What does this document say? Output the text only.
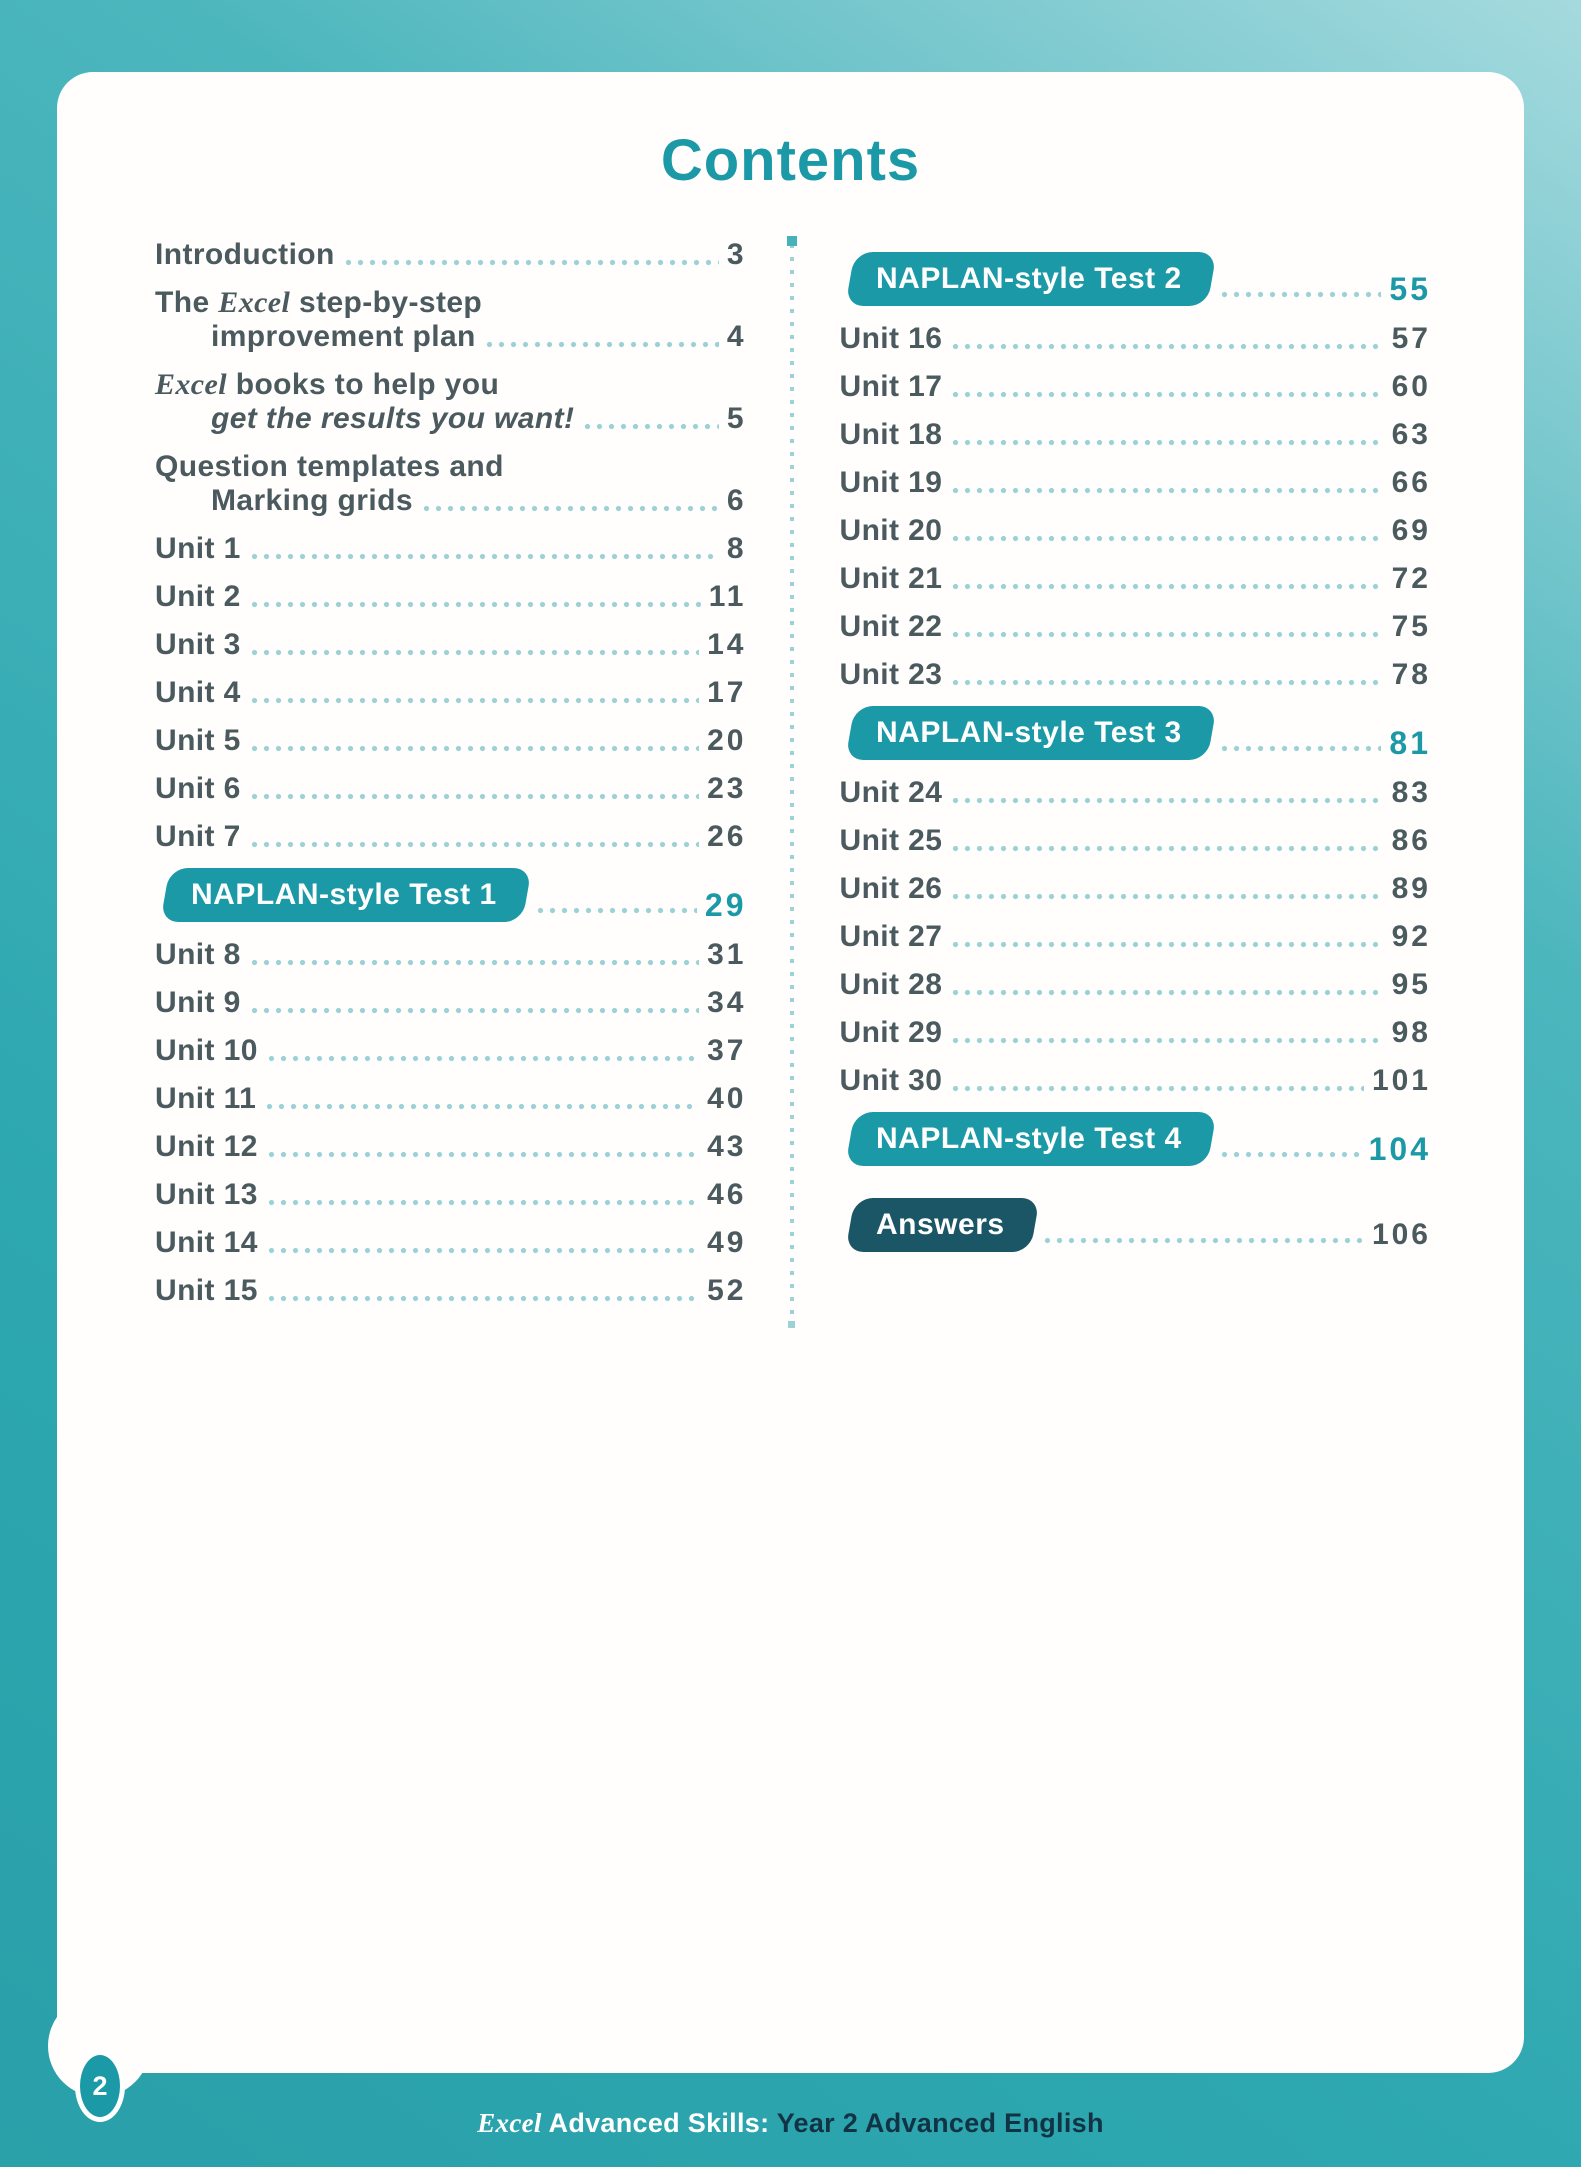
Contents
Introduction	3
The Excel step-by-step
improvement plan	4
Excel books to help you
get the results you want!	5
Question templates and
Marking grids	6
Unit 1	8
Unit 2	11
Unit 3	14
Unit 4	17
Unit 5	20
Unit 6	23
Unit 7	26
NAPLAN-style Test 1	29
Unit 8	31
Unit 9	34
Unit 10	37
Unit 11	40
Unit 12	43
Unit 13	46
Unit 14	49
Unit 15	52
NAPLAN-style Test 2	55
Unit 16	57
Unit 17	60
Unit 18	63
Unit 19	66
Unit 20	69
Unit 21	72
Unit 22	75
Unit 23	78
NAPLAN-style Test 3	81
Unit 24	83
Unit 25	86
Unit 26	89
Unit 27	92
Unit 28	95
Unit 29	98
Unit 30	101
NAPLAN-style Test 4	104
Answers	106
2
Excel Advanced Skills: Year 2 Advanced English
